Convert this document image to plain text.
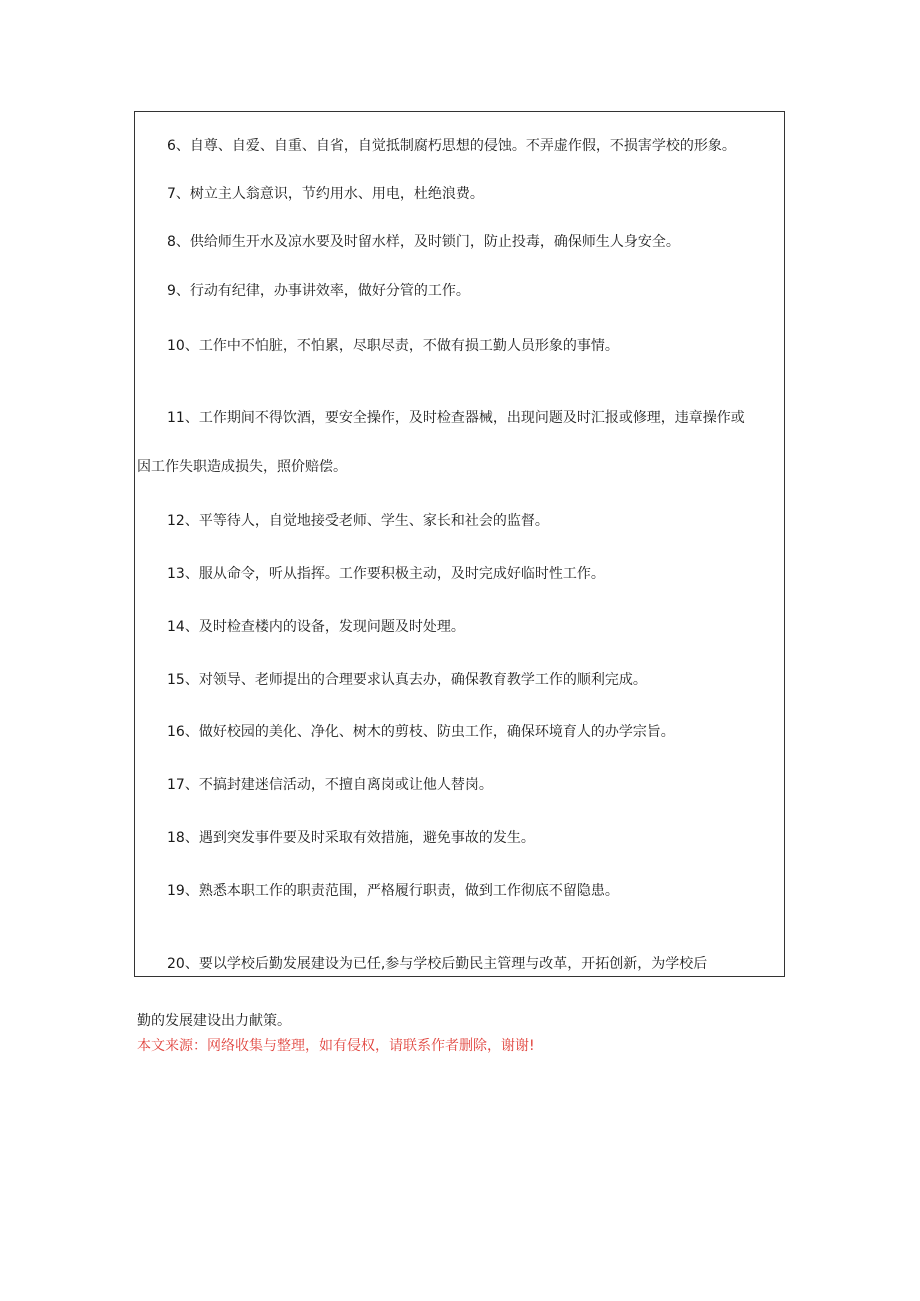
6、自尊、自爱、自重、自省，自觉抵制腐朽思想的侵蚀。不弄虚作假，不损害学校的形象。
7、树立主人翁意识，节约用水、用电，杜绝浪费。
8、供给师生开水及凉水要及时留水样，及时锁门，防止投毒，确保师生人身安全。
9、行动有纪律，办事讲效率，做好分管的工作。
10、工作中不怕脏，不怕累，尽职尽责，不做有损工勤人员形象的事情。
11、工作期间不得饮酒，要安全操作，及时检查器械，出现问题及时汇报或修理，违章操作或
因工作失职造成损失，照价赔偿。
12、平等待人，自觉地接受老师、学生、家长和社会的监督。
13、服从命令，听从指挥。工作要积极主动，及时完成好临时性工作。
14、及时检查楼内的设备，发现问题及时处理。
15、对领导、老师提出的合理要求认真去办，确保教育教学工作的顺利完成。
16、做好校园的美化、净化、树木的剪枝、防虫工作，确保环境育人的办学宗旨。
17、不搞封建迷信活动，不擅自离岗或让他人替岗。
18、遇到突发事件要及时采取有效措施，避免事故的发生。
19、熟悉本职工作的职责范围，严格履行职责，做到工作彻底不留隐患。
20、要以学校后勤发展建设为已任,参与学校后勤民主管理与改革，开拓创新，为学校后
勤的发展建设出力献策。
本文来源：网络收集与整理，如有侵权，请联系作者删除，谢谢!
